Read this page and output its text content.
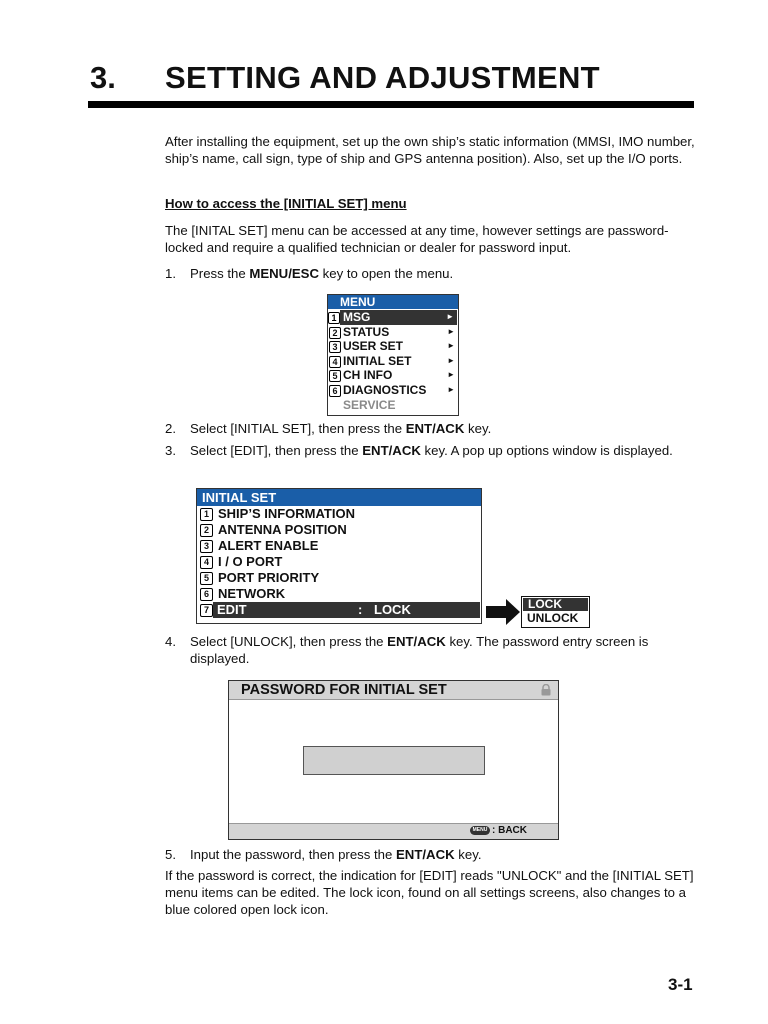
3. SETTING AND ADJUSTMENT
After installing the equipment, set up the own ship’s static information (MMSI, IMO number, ship’s name, call sign, type of ship and GPS antenna position). Also, set up the I/O ports.
How to access the [INITIAL SET] menu
The [INITAL SET] menu can be accessed at any time, however settings are password-locked and require a qualified technician or dealer for password input.
1. Press the MENU/ESC key to open the menu.
MENU
1 MSG	►
2 STATUS	►
3 USER SET	►
4 INITIAL SET	►
5 CH INFO	►
6 DIAGNOSTICS	►
SERVICE
2. Select [INITIAL SET], then press the ENT/ACK key.
3. Select [EDIT], then press the ENT/ACK key. A pop up options window is displayed.
INITIAL SET
1 SHIP’S INFORMATION
2 ANTENNA POSITION
3 ALERT ENABLE
4 I / O PORT
5 PORT PRIORITY
6 NETWORK
7 EDIT	: LOCK	LOCK
UNLOCK
4. Select [UNLOCK], then press the ENT/ACK key. The password entry screen is displayed.
PASSWORD FOR INITIAL SET
MENU : BACK
5. Input the password, then press the ENT/ACK key.
If the password is correct, the indication for [EDIT] reads "UNLOCK" and the [INITIAL SET] menu items can be edited. The lock icon, found on all settings screens, also changes to a blue colored open lock icon.
3-1
